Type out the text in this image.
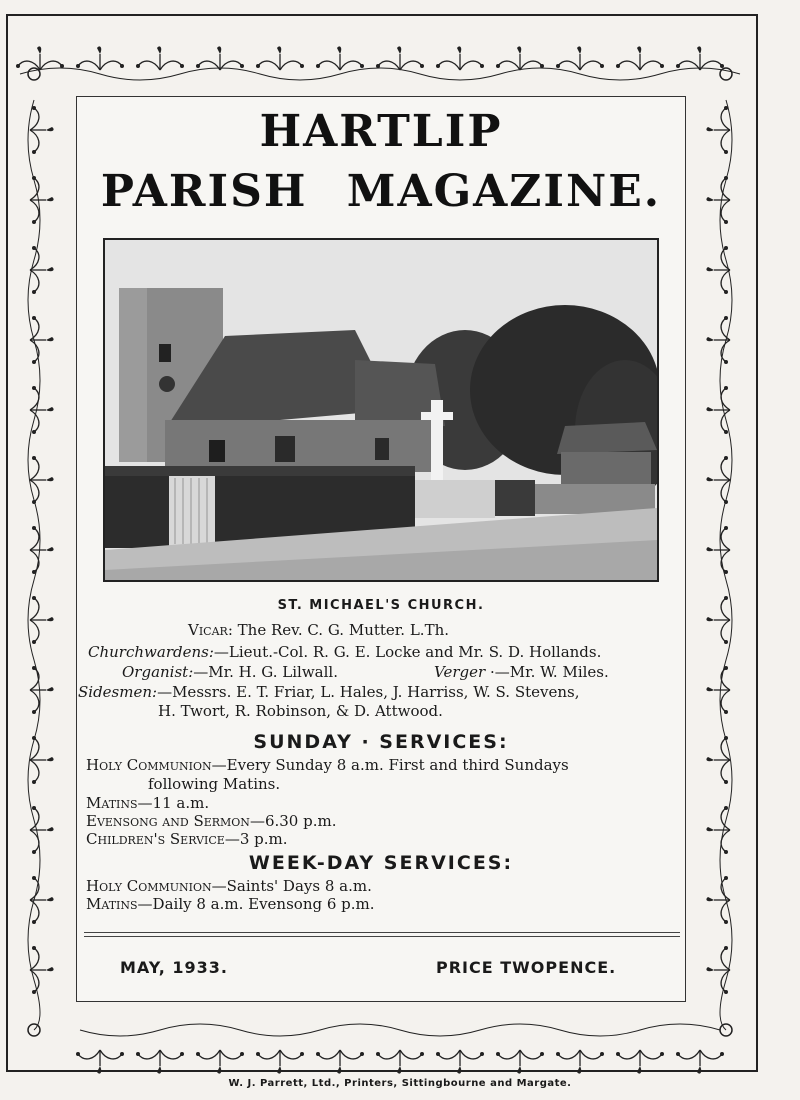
HARTLIP
PARISH MAGAZINE.
ST. MICHAEL'S CHURCH.
Vicar: The Rev. C. G. Mutter. L.Th.
Churchwardens:—Lieut.-Col. R. G. E. Locke and Mr. S. D. Hollands.
Organist:—Mr. H. G. Lilwall.	Verger ·—Mr. W. Miles.
Sidesmen:—Messrs. E. T. Friar, L. Hales, J. Harriss, W. S. Stevens,
H. Twort, R. Robinson, & D. Attwood.
SUNDAY · SERVICES:
Holy Communion—Every Sunday 8 a.m. First and third Sundays
following Matins.
Matins—11 a.m.
Evensong and Sermon—6.30 p.m.
Children's Service—3 p.m.
WEEK-DAY SERVICES:
Holy Communion—Saints' Days 8 a.m.
Matins—Daily 8 a.m. Evensong 6 p.m.
MAY, 1933.	PRICE TWOPENCE.
W. J. Parrett, Ltd., Printers, Sittingbourne and Margate.
